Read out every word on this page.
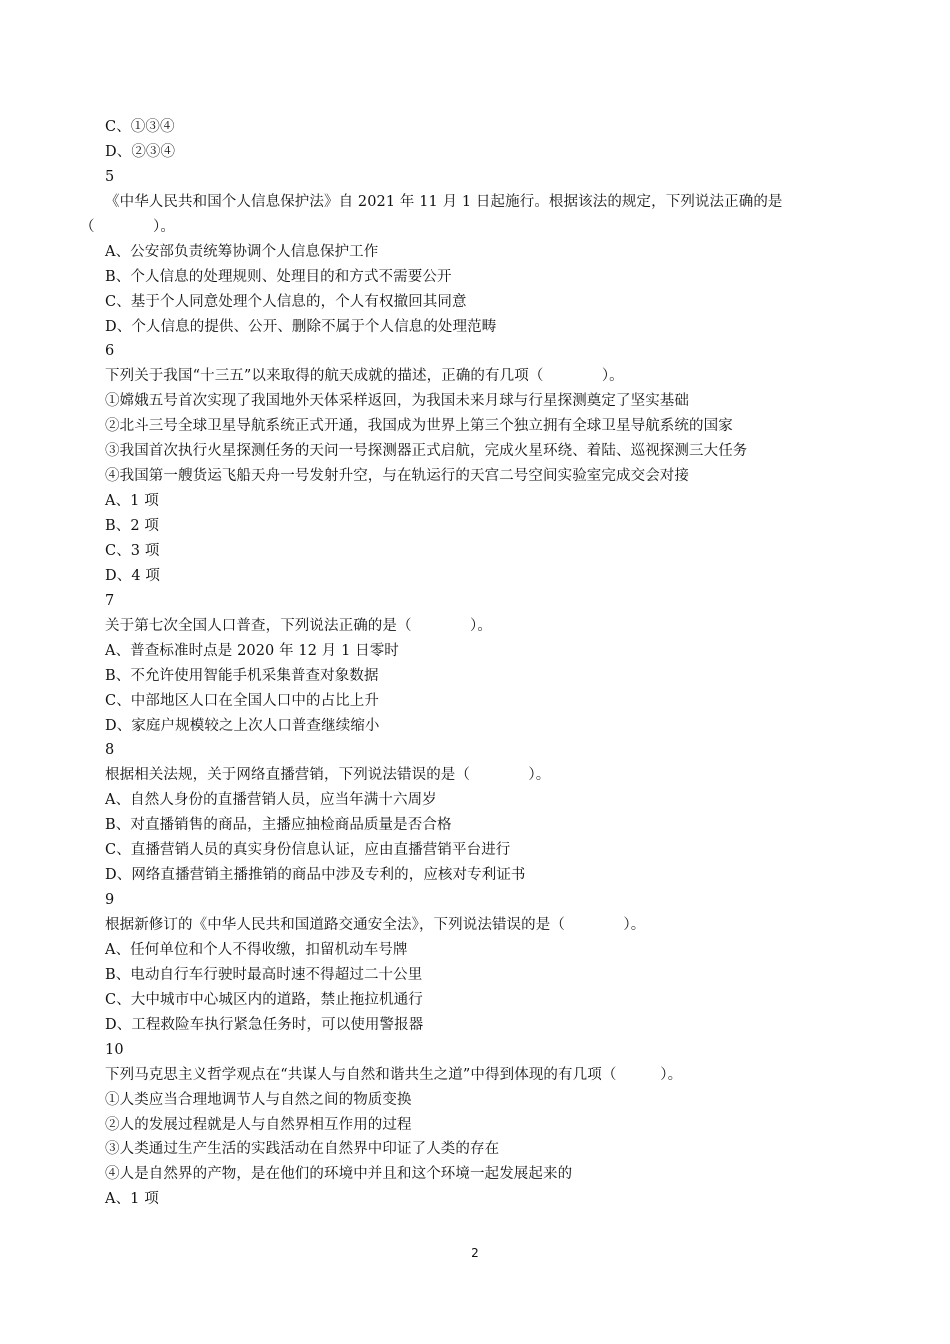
C、①③④
D、②③④
5
《中华人民共和国个人信息保护法》自 2021 年 11 月 1 日起施行。根据该法的规定，下列说法正确的是
（　　　　）。
A、公安部负责统筹协调个人信息保护工作
B、个人信息的处理规则、处理目的和方式不需要公开
C、基于个人同意处理个人信息的，个人有权撤回其同意
D、个人信息的提供、公开、删除不属于个人信息的处理范畴
6
下列关于我国“十三五”以来取得的航天成就的描述，正确的有几项（　　　　）。
①嫦娥五号首次实现了我国地外天体采样返回，为我国未来月球与行星探测奠定了坚实基础
②北斗三号全球卫星导航系统正式开通，我国成为世界上第三个独立拥有全球卫星导航系统的国家
③我国首次执行火星探测任务的天问一号探测器正式启航，完成火星环绕、着陆、巡视探测三大任务
④我国第一艘货运飞船天舟一号发射升空，与在轨运行的天宫二号空间实验室完成交会对接
A、1 项
B、2 项
C、3 项
D、4 项
7
关于第七次全国人口普查，下列说法正确的是（　　　　）。
A、普查标准时点是 2020 年 12 月 1 日零时
B、不允许使用智能手机采集普查对象数据
C、中部地区人口在全国人口中的占比上升
D、家庭户规模较之上次人口普查继续缩小
8
根据相关法规，关于网络直播营销，下列说法错误的是（　　　　）。
A、自然人身份的直播营销人员，应当年满十六周岁
B、对直播销售的商品，主播应抽检商品质量是否合格
C、直播营销人员的真实身份信息认证，应由直播营销平台进行
D、网络直播营销主播推销的商品中涉及专利的，应核对专利证书
9
根据新修订的《中华人民共和国道路交通安全法》，下列说法错误的是（　　　　）。
A、任何单位和个人不得收缴，扣留机动车号牌
B、电动自行车行驶时最高时速不得超过二十公里
C、大中城市中心城区内的道路，禁止拖拉机通行
D、工程救险车执行紧急任务时，可以使用警报器
10
下列马克思主义哲学观点在“共谋人与自然和谐共生之道”中得到体现的有几项（　　　）。
①人类应当合理地调节人与自然之间的物质变换
②人的发展过程就是人与自然界相互作用的过程
③人类通过生产生活的实践活动在自然界中印证了人类的存在
④人是自然界的产物，是在他们的环境中并且和这个环境一起发展起来的
A、1 项
2
